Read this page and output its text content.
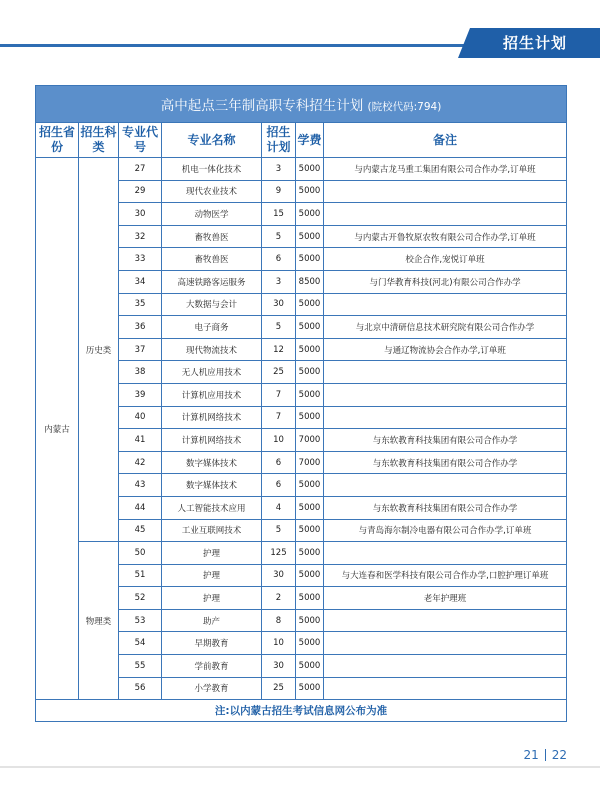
招生计划
高中起点三年制高职专科招生计划 (院校代码:794)						
招生省份	招生科类	专业代号	专业名称	招生计划	学费	备注
内蒙古	历史类	27	机电一体化技术	3	5000	与内蒙古龙马重工集团有限公司合作办学,订单班
		29	现代农业技术	9	5000	
		30	动物医学	15	5000	
		32	畜牧兽医	5	5000	与内蒙古开鲁牧原农牧有限公司合作办学,订单班
		33	畜牧兽医	6	5000	校企合作,宠悦订单班
		34	高速铁路客运服务	3	8500	与门华教育科技(河北)有限公司合作办学
		35	大数据与会计	30	5000	
		36	电子商务	5	5000	与北京中清研信息技术研究院有限公司合作办学
		37	现代物流技术	12	5000	与通辽物流协会合作办学,订单班
		38	无人机应用技术	25	5000	
		39	计算机应用技术	7	5000	
		40	计算机网络技术	7	5000	
		41	计算机网络技术	10	7000	与东软教育科技集团有限公司合作办学
		42	数字媒体技术	6	7000	与东软教育科技集团有限公司合作办学
		43	数字媒体技术	6	5000	
		44	人工智能技术应用	4	5000	与东软教育科技集团有限公司合作办学
		45	工业互联网技术	5	5000	与青岛海尔制冷电器有限公司合作办学,订单班
	物理类	50	护理	125	5000	
		51	护理	30	5000	与大连春和医学科技有限公司合作办学,口腔护理订单班
		52	护理	2	5000	老年护理班
		53	助产	8	5000	
		54	早期教育	10	5000	
		55	学前教育	30	5000	
		56	小学教育	25	5000	
注:以内蒙古招生考试信息网公布为准						
21 22
